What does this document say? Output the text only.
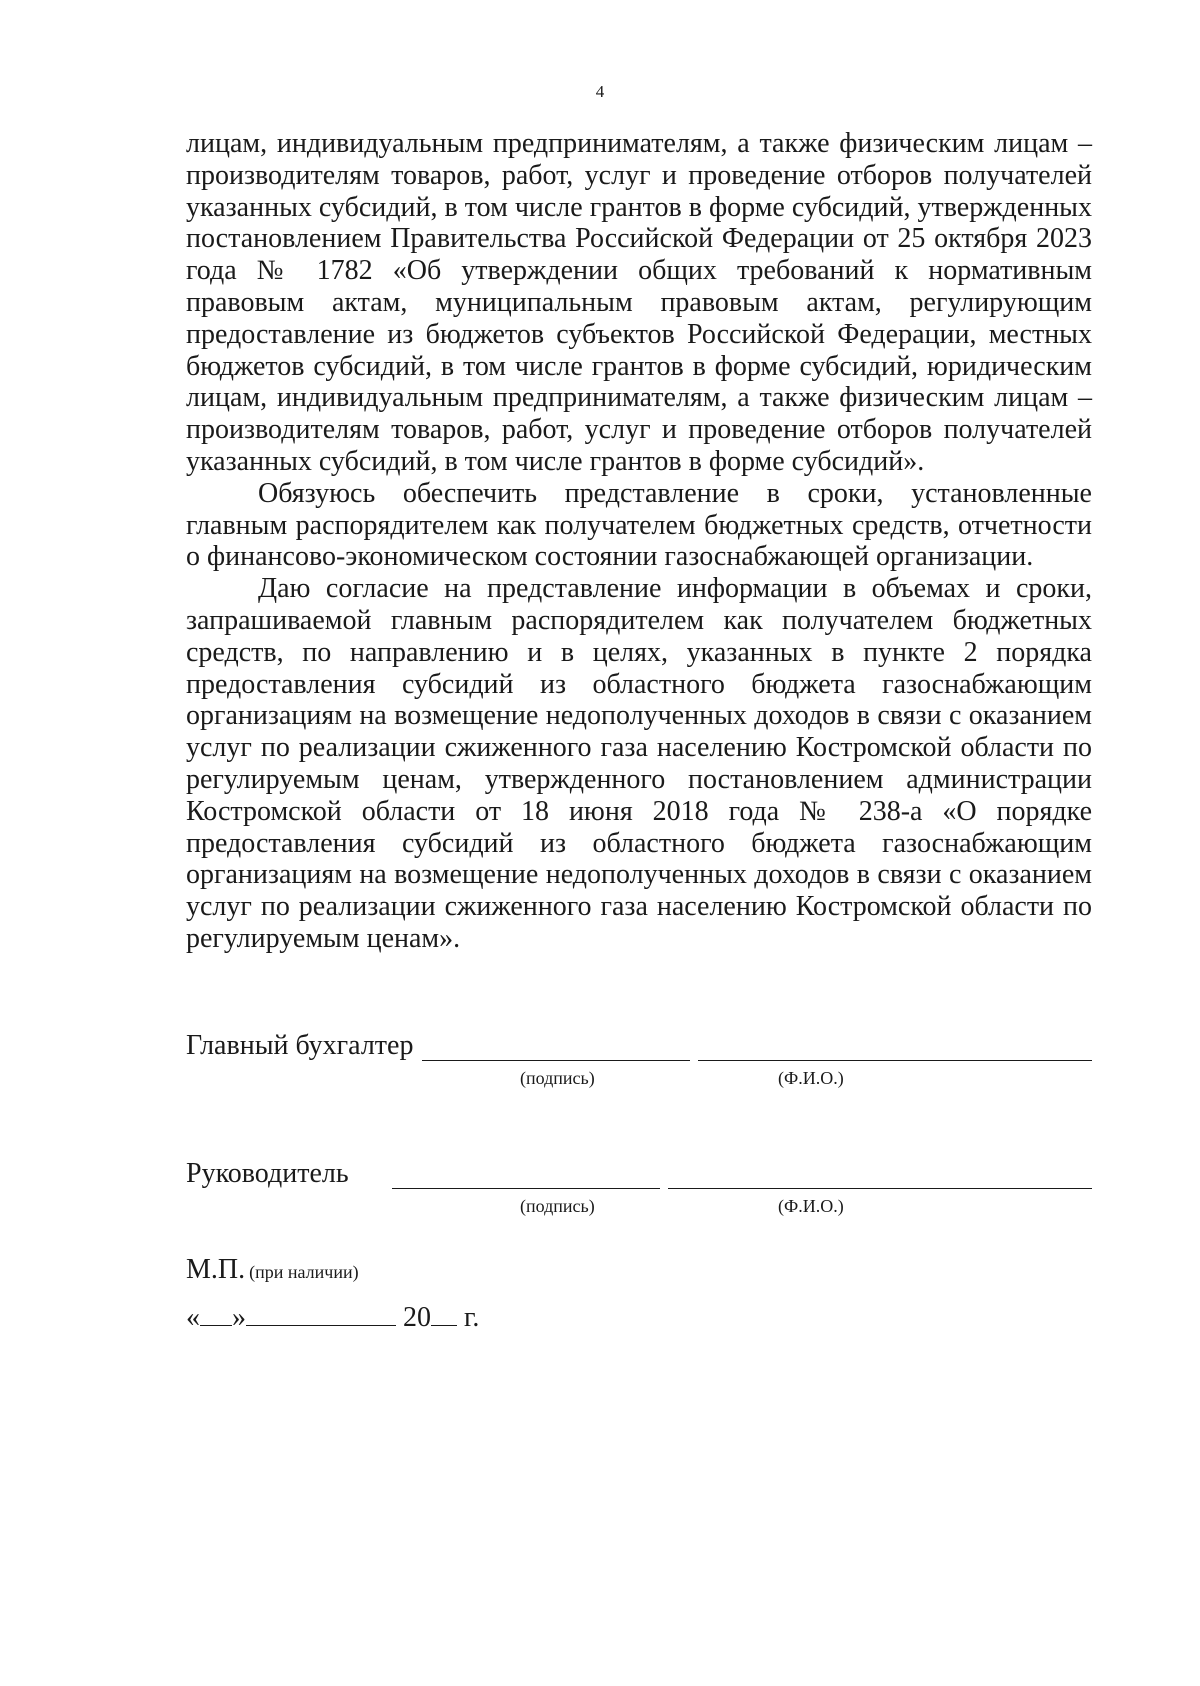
4

лицам, индивидуальным предпринимателям, а также физическим лицам – производителям товаров, работ, услуг и проведение отборов получателей указанных субсидий, в том числе грантов в форме субсидий, утвержденных постановлением Правительства Российской Федерации от 25 октября 2023 года № 1782 «Об утверждении общих требований к нормативным правовым актам, муниципальным правовым актам, регулирующим предоставление из бюджетов субъектов Российской Федерации, местных бюджетов субсидий, в том числе грантов в форме субсидий, юридическим лицам, индивидуальным предпринимателям, а также физическим лицам – производителям товаров, работ, услуг и проведение отборов получателей указанных субсидий, в том числе грантов в форме субсидий».

Обязуюсь обеспечить представление в сроки, установленные главным распорядителем как получателем бюджетных средств, отчетности о финансово-экономическом состоянии газоснабжающей организации.

Даю согласие на представление информации в объемах и сроки, запрашиваемой главным распорядителем как получателем бюджетных средств, по направлению и в целях, указанных в пункте 2 порядка предоставления субсидий из областного бюджета газоснабжающим организациям на возмещение недополученных доходов в связи с оказанием услуг по реализации сжиженного газа населению Костромской области по регулируемым ценам, утвержденного постановлением администрации Костромской области от 18 июня 2018 года № 238-а «О порядке предоставления субсидий из областного бюджета газоснабжающим организациям на возмещение недополученных доходов в связи с оказанием услуг по реализации сжиженного газа населению Костромской области по регулируемым ценам».

Главный бухгалтер
(подпись)	(Ф.И.О.)
Руководитель
(подпись)	(Ф.И.О.)
М.П. (при наличии)
« »	20 г.
